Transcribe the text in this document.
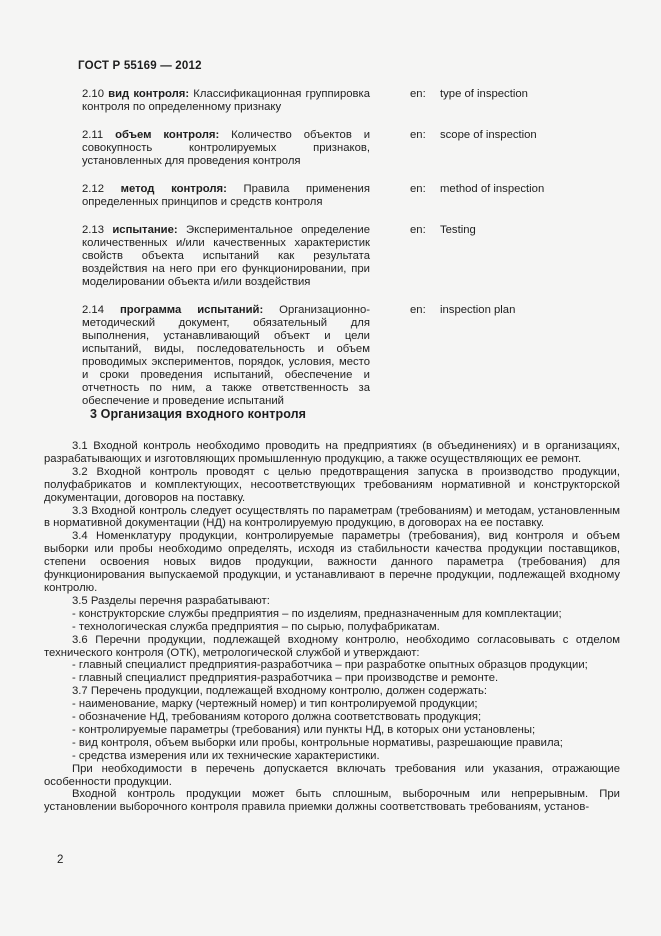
ГОСТ Р 55169 — 2012
2.10 вид контроля: Классификационная группировка контроля по определенному признаку
en:	type of inspection
2.11 объем контроля: Количество объектов и совокупность контролируемых признаков, установленных для проведения контроля
en:	scope of inspection
2.12 метод контроля: Правила применения определенных принципов и средств контроля
en:	method of inspection
2.13 испытание: Экспериментальное определение количественных и/или качественных характеристик свойств объекта испытаний как результата воздействия на него при его функционировании, при моделировании объекта и/или воздействия
en:	Testing
2.14 программа испытаний: Организационно-методический документ, обязательный для выполнения, устанавливающий объект и цели испытаний, виды, последовательность и объем проводимых экспериментов, порядок, условия, место и сроки проведения испытаний, обеспечение и отчетность по ним, а также ответственность за обеспечение и проведение испытаний
en:	inspection plan
3 Организация входного контроля

3.1 Входной контроль необходимо проводить на предприятиях (в объединениях) и в организациях, разрабатывающих и изготовляющих промышленную продукцию, а также осуществляющих ее ремонт.

3.2 Входной контроль проводят с целью предотвращения запуска в производство продукции, полуфабрикатов и комплектующих, несоответствующих требованиям нормативной и конструкторской документации, договоров на поставку.

3.3 Входной контроль следует осуществлять по параметрам (требованиям) и методам, установленным в нормативной документации (НД) на контролируемую продукцию, в договорах на ее поставку.

3.4 Номенклатуру продукции, контролируемые параметры (требования), вид контроля и объем выборки или пробы необходимо определять, исходя из стабильности качества продукции поставщиков, степени освоения новых видов продукции, важности данного параметра (требования) для функционирования выпускаемой продукции, и устанавливают в перечне продукции, подлежащей входному контролю.

3.5 Разделы перечня разрабатывают:

- конструкторские службы предприятия – по изделиям, предназначенным для комплектации;

- технологическая служба предприятия – по сырью, полуфабрикатам.

3.6 Перечни продукции, подлежащей входному контролю, необходимо согласовывать с отделом технического контроля (ОТК), метрологической службой и утверждают:

- главный специалист предприятия-разработчика – при разработке опытных образцов продукции;

- главный специалист предприятия-разработчика – при производстве и ремонте.

3.7 Перечень продукции, подлежащей входному контролю, должен содержать:

- наименование, марку (чертежный номер) и тип контролируемой продукции;

- обозначение НД, требованиям которого должна соответствовать продукция;

- контролируемые параметры (требования) или пункты НД, в которых они установлены;

- вид контроля, объем выборки или пробы, контрольные нормативы, разрешающие правила;

- средства измерения или их технические характеристики.

При необходимости в перечень допускается включать требования или указания, отражающие особенности продукции.

Входной контроль продукции может быть сплошным, выборочным или непрерывным. При установлении выборочного контроля правила приемки должны соответствовать требованиям, установ-

2
